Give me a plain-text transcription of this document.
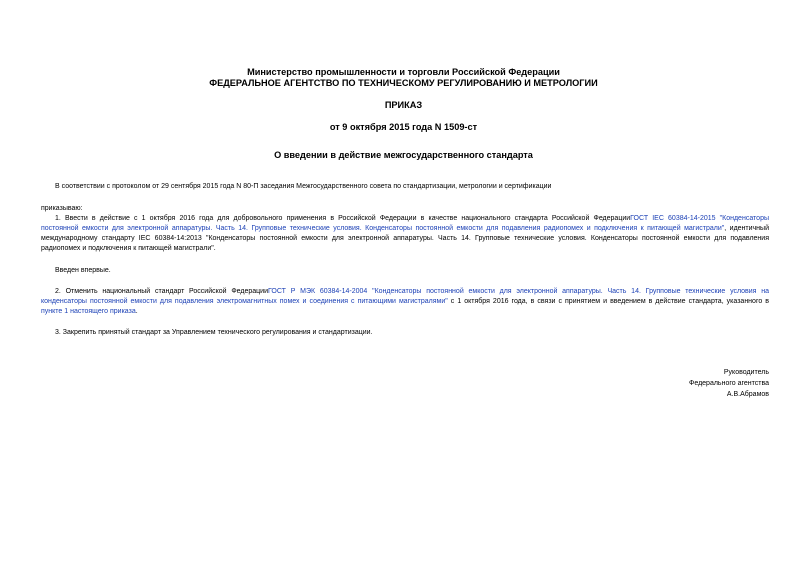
Министерство промышленности и торговли Российской Федерации
ФЕДЕРАЛЬНОЕ АГЕНТСТВО ПО ТЕХНИЧЕСКОМУ РЕГУЛИРОВАНИЮ И МЕТРОЛОГИИ
ПРИКАЗ
от 9 октября 2015 года N 1509-ст
О введении в действие межгосударственного стандарта
В соответствии с протоколом от 29 сентября 2015 года N 80-П заседания Межгосударственного совета по стандартизации, метрологии и сертификации
приказываю:
1. Ввести в действие с 1 октября 2016 года для добровольного применения в Российской Федерации в качестве национального стандарта Российской ФедерацииГОСТ IEC 60384-14-2015 "Конденсаторы
постоянной емкости для электронной аппаратуры. Часть 14. Групповые технические условия. Конденсаторы постоянной емкости для подавления радиопомех и подключения к питающей магистрали", идентичный
международному стандарту IEC 60384-14:2013 "Конденсаторы постоянной емкости для электронной аппаратуры. Часть 14. Групповые технические условия. Конденсаторы постоянной емкости для подавления
радиопомех и подключения к питающей магистрали".
Введен впервые.
2. Отменить национальный стандарт Российской ФедерацииГОСТ Р МЭК 60384-14-2004 "Конденсаторы постоянной емкости для электронной аппаратуры. Часть 14. Групповые технические условия на
конденсаторы постоянной емкости для подавления электромагнитных помех и соединения с питающими магистралями" с 1 октября 2016 года, в связи с принятием и введением в действие стандарта, указанного в
пункте 1 настоящего приказа.
3. Закрепить принятый стандарт за Управлением технического регулирования и стандартизации.
Руководитель
Федерального агентства
А.В.Абрамов
